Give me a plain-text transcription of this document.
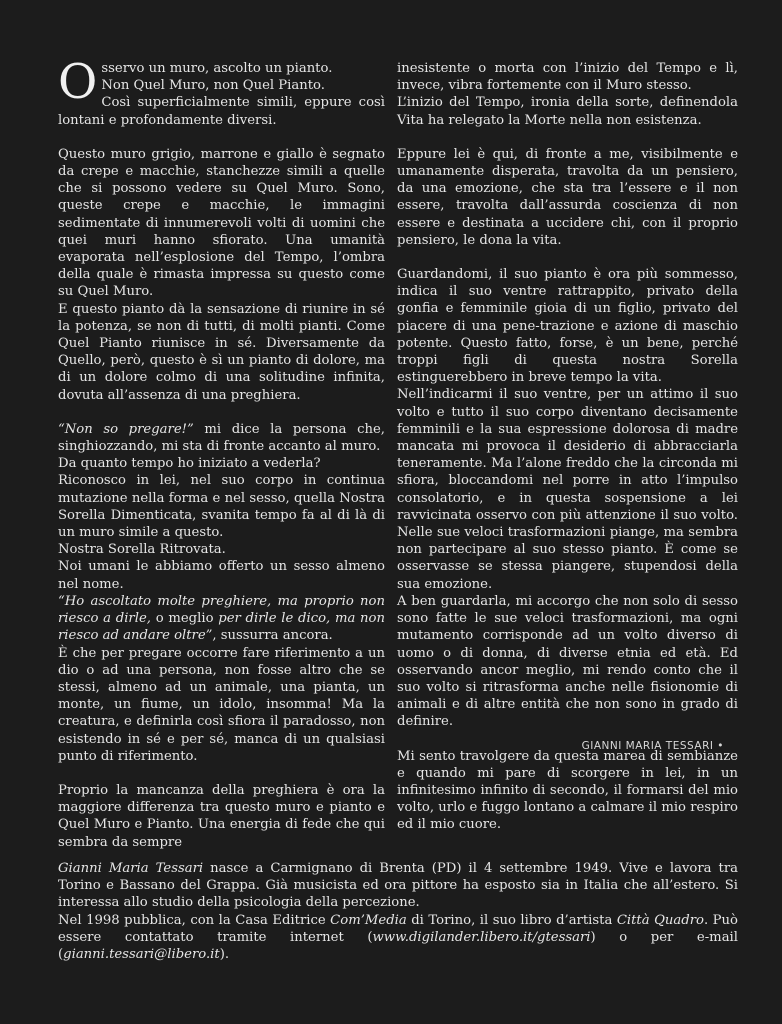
O sservo un muro, ascolto un pianto.

Non Quel Muro, non Quel Pianto.

Così superficialmente simili, eppure così lontani e profondamente diversi.

Questo muro grigio, marrone e giallo è segnato da crepe e macchie, stanchezze simili a quelle che si possono vedere su Quel Muro. Sono, queste crepe e macchie, le immagini sedimentate di innumerevoli volti di uomini che quei muri hanno sfiorato. Una umanità evaporata nell’esplosione del Tempo, l’ombra della quale è rimasta impressa su questo come su Quel Muro.

E questo pianto dà la sensazione di riunire in sé la potenza, se non di tutti, di molti pianti. Come Quel Pianto riunisce in sé. Diversamente da Quello, però, questo è sì un pianto di dolore, ma di un dolore colmo di una solitudine infinita, dovuta all’assenza di una preghiera.

“Non so pregare!” mi dice la persona che, singhiozzando, mi sta di fronte accanto al muro.

Da quanto tempo ho iniziato a vederla?

Riconosco in lei, nel suo corpo in continua mutazione nella forma e nel sesso, quella Nostra Sorella Dimenticata, svanita tempo fa al di là di un muro simile a questo.

Nostra Sorella Ritrovata.

Noi umani le abbiamo offerto un sesso almeno nel nome.

“Ho ascoltato molte preghiere, ma proprio non riesco a dirle, o meglio per dirle le dico, ma non riesco ad andare oltre”, sussurra ancora.

È che per pregare occorre fare riferimento a un dio o ad una persona, non fosse altro che se stessi, almeno ad un animale, una pianta, un monte, un fiume, un idolo, insomma! Ma la creatura, e definirla così sfiora il paradosso, non esistendo in sé e per sé, manca di un qualsiasi punto di riferimento.

Proprio la mancanza della preghiera è ora la maggiore differenza tra questo muro e pianto e Quel Muro e Pianto. Una energia di fede che qui sembra da sempre

inesistente o morta con l’inizio del Tempo e lì, invece, vibra fortemente con il Muro stesso.

L’inizio del Tempo, ironia della sorte, definendola Vita ha relegato la Morte nella non esistenza.

Eppure lei è qui, di fronte a me, visibilmente e umanamente disperata, travolta da un pensiero, da una emozione, che sta tra l’essere e il non essere, travolta dall’assurda coscienza di non essere e destinata a uccidere chi, con il proprio pensiero, le dona la vita.

Guardandomi, il suo pianto è ora più sommesso, indica il suo ventre rattrappito, privato della gonfia e femminile gioia di un figlio, privato del piacere di una pene-trazione e azione di maschio potente. Questo fatto, forse, è un bene, perché troppi figli di questa nostra Sorella estinguerebbero in breve tempo la vita.

Nell’indicarmi il suo ventre, per un attimo il suo volto e tutto il suo corpo diventano decisamente femminili e la sua espressione dolorosa di madre mancata mi provoca il desiderio di abbracciarla teneramente. Ma l’alone freddo che la circonda mi sfiora, bloccandomi nel porre in atto l’impulso consolatorio, e in questa sospensione a lei ravvicinata osservo con più attenzione il suo volto. Nelle sue veloci trasformazioni piange, ma sembra non partecipare al suo stesso pianto. È come se osservasse se stessa piangere, stupendosi della sua emozione.

A ben guardarla, mi accorgo che non solo di sesso sono fatte le sue veloci trasformazioni, ma ogni mutamento corrisponde ad un volto diverso di uomo o di donna, di diverse etnia ed età. Ed osservando ancor meglio, mi rendo conto che il suo volto si ritrasforma anche nelle fisionomie di animali e di altre entità che non sono in grado di definire.

Mi sento travolgere da questa marea di sembianze e quando mi pare di scorgere in lei, in un infinitesimo infinito di secondo, il formarsi del mio volto, urlo e fuggo lontano a calmare il mio respiro ed il mio cuore.

GIANNI MARIA TESSARI •

Gianni Maria Tessari nasce a Carmignano di Brenta (PD) il 4 settembre 1949. Vive e lavora tra Torino e Bassano del Grappa. Già musicista ed ora pittore ha esposto sia in Italia che all’estero. Si interessa allo studio della psicologia della percezione.

Nel 1998 pubblica, con la Casa Editrice Com’Media di Torino, il suo libro d’artista Città Quadro. Può essere contattato tramite internet (www.digilander.libero.it/gtessari) o per e-mail (gianni.tessari@libero.it).
